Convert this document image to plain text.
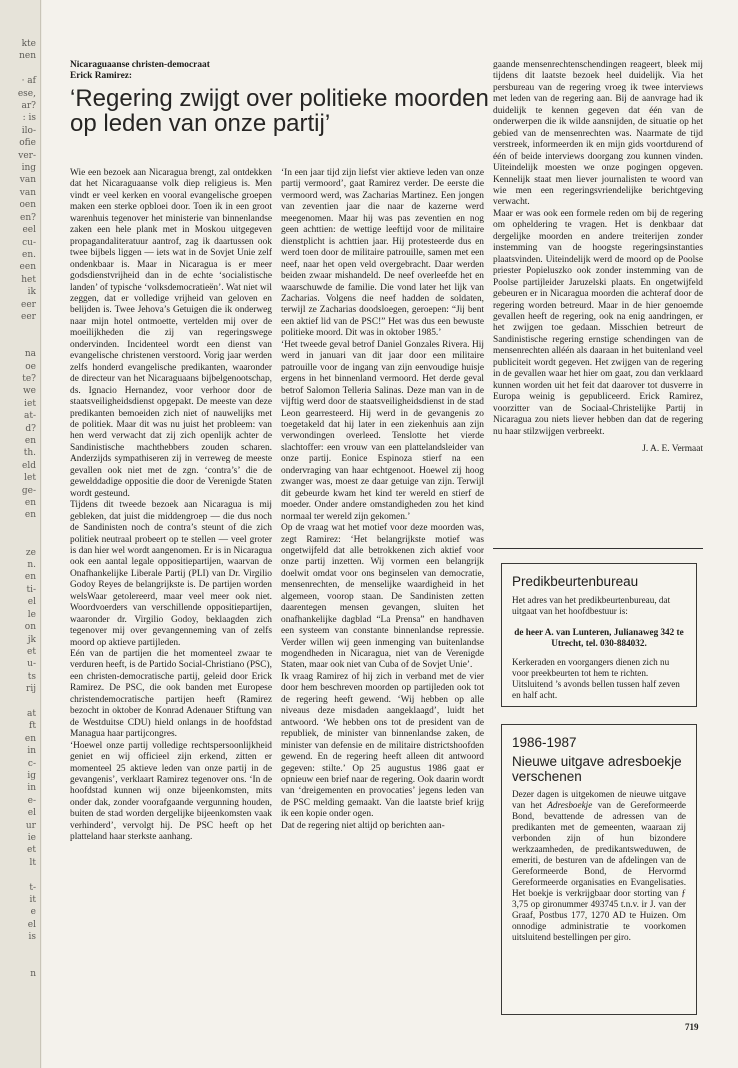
kte
nen

· af
ese,
ar?
: is
ilo-
ofie
ver-
ing
van
van
oen
en?
eel
cu-
en.
een
het
ik
eer
eer

na
oe
te?
we
iet
at-
d?
en
th.
eld
let
ge-
en
en

ze
n.
en
ti-
el
le
on
jk
et
u-
ts
rij

at
ft
en
in
c-
ig
in
e-
el
ur
ie
et
lt

t-
it
e
el
is

n
Nicaraguaanse christen-democraat
Erick Ramirez:
‘Regering zwijgt over politieke moorden op leden van onze partij’

Wie een bezoek aan Nicaragua brengt, zal ontdekken dat het Nicaraguaanse volk diep religieus is. Men vindt er veel kerken en vooral evangelische groepen maken een sterke opbloei door. Toen ik in een groot warenhuis tegenover het ministerie van binnenlandse zaken een hele plank met in Moskou uitgegeven propagandaliteratuur aantrof, zag ik daartussen ook twee bijbels liggen — iets wat in de Sovjet Unie zelf ondenkbaar is. Maar in Nicaragua is er meer godsdienstvrijheid dan in de echte ‘socialistische landen’ of typische ‘volksdemocratieën’. Wat niet wil zeggen, dat er volledige vrijheid van geloven en belijden is. Twee Jehova’s Getuigen die ik onderweg naar mijn hotel ontmoette, vertelden mij over de moeilijkheden die zij van regeringswege ondervinden. Incidenteel wordt een dienst van evangelische christenen verstoord. Vorig jaar werden zelfs honderd evangelische predikanten, waaronder de directeur van het Nicaraguaans bijbelgenootschap, ds. Ignacio Hernandez, voor verhoor door de staatsveiligheidsdienst opgepakt. De meeste van deze predikanten bemoeiden zich niet of nauwelijks met de politiek. Maar dit was nu juist het probleem: van hen werd verwacht dat zij zich openlijk achter de Sandinistische machthebbers zouden scharen. Anderzijds sympathiseren zij in verreweg de meeste gevallen ook niet met de zgn. ‘contra’s’ die de gewelddadige oppositie die door de Verenigde Staten wordt gesteund.

Tijdens dit tweede bezoek aan Nicaragua is mij gebleken, dat juist die middengroep — die dus noch de Sandinisten noch de contra’s steunt of die zich politiek neutraal probeert op te stellen — veel groter is dan hier wel wordt aangenomen. Er is in Nicaragua ook een aantal legale oppositiepartijen, waarvan de Onafhankelijke Liberale Partij (PLI) van Dr. Virgilio Godoy Reyes de belangrijkste is. De partijen worden welsWaar getolereerd, maar veel meer ook niet. Woordvoerders van verschillende oppositiepartijen, waaronder dr. Virgilio Godoy, beklaagden zich tegenover mij over gevangenneming van of zelfs moord op aktieve partijleden.

Eén van de partijen die het momenteel zwaar te verduren heeft, is de Partido Social-Christiano (PSC), een christen-democratische partij, geleid door Erick Ramirez. De PSC, die ook banden met Europese christendemocratische partijen heeft (Ramirez bezocht in oktober de Konrad Adenauer Stiftung van de Westduitse CDU) hield onlangs in de hoofdstad Managua haar partijcongres.

‘Hoewel onze partij volledige rechtspersoonlijkheid geniet en wij officieel zijn erkend, zitten er momenteel 25 aktieve leden van onze partij in de gevangenis’, verklaart Ramirez tegenover ons. ‘In de hoofdstad kunnen wij onze bijeenkomsten, mits onder dak, zonder voorafgaande vergunning houden, buiten de stad worden dergelijke bijeenkomsten vaak verhinderd’, vervolgt hij. De PSC heeft op het platteland haar sterkste aanhang.

‘In een jaar tijd zijn liefst vier aktieve leden van onze partij vermoord’, gaat Ramirez verder. De eerste die vermoord werd, was Zacharias Martinez. Een jongen van zeventien jaar die naar de kazerne werd meegenomen. Maar hij was pas zeventien en nog geen achttien: de wettige leeftijd voor de militaire dienstplicht is achttien jaar. Hij protesteerde dus en werd toen door de militaire patrouille, samen met een neef, naar het open veld overgebracht. Daar werden beiden zwaar mishandeld. De neef overleefde het en waarschuwde de familie. Die vond later het lijk van Zacharias. Volgens die neef hadden de soldaten, terwijl ze Zacharias doodsloegen, geroepen: “Jij bent een aktief lid van de PSC!” Het was dus een bewuste politieke moord. Dit was in oktober 1985.’

‘Het tweede geval betrof Daniel Gonzales Rivera. Hij werd in januari van dit jaar door een militaire patrouille voor de ingang van zijn eenvoudige huisje ergens in het binnenland vermoord. Het derde geval betrof Salomon Telleria Salinas. Deze man van in de vijftig werd door de staatsveiligheidsdienst in de stad Leon gearresteerd. Hij werd in de gevangenis zo toegetakeld dat hij later in een ziekenhuis aan zijn verwondingen overleed. Tenslotte het vierde slachtoffer: een vrouw van een plattelandsleider van onze partij. Eonice Espinoza stierf na een ondervraging van haar echtgenoot. Hoewel zij hoog zwanger was, moest ze daar getuige van zijn. Terwijl dit gebeurde kwam het kind ter wereld en stierf de moeder. Onder andere omstandigheden zou het kind normaal ter wereld zijn gekomen.’

Op de vraag wat het motief voor deze moorden was, zegt Ramirez: ‘Het belangrijkste motief was ongetwijfeld dat alle betrokkenen zich aktief voor onze partij inzetten. Wij vormen een belangrijk doelwit omdat voor ons beginselen van democratie, mensenrechten, de menselijke waardigheid in het algemeen, voorop staan. De Sandinisten zetten daarentegen mensen gevangen, sluiten het onafhankelijke dagblad “La Prensa” en handhaven een systeem van constante binnenlandse repressie. Verder willen wij geen inmenging van buitenlandse mogendheden in Nicaragua, niet van de Verenigde Staten, maar ook niet van Cuba of de Sovjet Unie’.

Ik vraag Ramirez of hij zich in verband met de vier door hem beschreven moorden op partijleden ook tot de regering heeft gewend. ‘Wij hebben op alle niveaus deze misdaden aangeklaagd’, luidt het antwoord. ‘We hebben ons tot de president van de republiek, de minister van binnenlandse zaken, de minister van defensie en de militaire districtshoofden gewend. En de regering heeft alleen dit antwoord gegeven: stilte.’ Op 25 augustus 1986 gaat er opnieuw een brief naar de regering. Ook daarin wordt van ‘dreigementen en provocaties’ jegens leden van de PSC melding gemaakt. Van die laatste brief krijg ik een kopie onder ogen.

Dat de regering niet altijd op berichten aan-

gaande mensenrechtenschendingen reageert, bleek mij tijdens dit laatste bezoek heel duidelijk. Via het persbureau van de regering vroeg ik twee interviews met leden van de regering aan. Bij de aanvrage had ik duidelijk te kennen gegeven dat één van de onderwerpen die ik wilde aansnijden, de situatie op het gebied van de mensenrechten was. Naarmate de tijd verstreek, informeerden ik en mijn gids voortdurend of één of beide interviews doorgang zou kunnen vinden. Uiteindelijk moesten we onze pogingen opgeven. Kennelijk staat men liever journalisten te woord van wie men een regeringsvriendelijke berichtgeving verwacht.

Maar er was ook een formele reden om bij de regering om opheldering te vragen. Het is denkbaar dat dergelijke moorden en andere treiterijen zonder instemming van de hoogste regeringsinstanties plaatsvinden. Uiteindelijk werd de moord op de Poolse priester Popieluszko ook zonder instemming van de Poolse partijleider Jaruzelski plaats. En ongetwijfeld gebeuren er in Nicaragua moorden die achteraf door de regering worden betreurd. Maar in de hier genoemde gevallen heeft de regering, ook na enig aandringen, er het zwijgen toe gedaan. Misschien betreurt de Sandinistische regering ernstige schendingen van de mensenrechten alléén als daaraan in het buitenland veel publiciteit wordt gegeven. Het zwijgen van de regering in de gevallen waar het hier om gaat, zou dan verklaard kunnen worden uit het feit dat daarover tot dusverre in Europa weinig is gepubliceerd. Erick Ramirez, voorzitter van de Sociaal-Christelijke Partij in Nicaragua zou niets liever hebben dan dat de regering nu haar stilzwijgen verbreekt.

J. A. E. Vermaat
Predikbeurtenbureau

Het adres van het predikbeurtenbureau, dat uitgaat van het hoofdbestuur is:

de heer A. van Lunteren, Julianaweg 342 te Utrecht, tel. 030-884032.

Kerkeraden en voorgangers dienen zich nu voor preekbeurten tot hem te richten. Uitsluitend ’s avonds bellen tussen half zeven en half acht.

1986-1987
Nieuwe uitgave adresboekje verschenen

Dezer dagen is uitgekomen de nieuwe uitgave van het Adresboekje van de Gereformeerde Bond, bevattende de adressen van de predikanten met de gemeenten, waaraan zij verbonden zijn of hun bizondere werkzaamheden, de predikantsweduwen, de emeriti, de besturen van de afdelingen van de Gereformeerde Bond, de Hervormd Gereformeerde organisaties en Evangelisaties. Het boekje is verkrijgbaar door storting van ƒ 3,75 op gironummer 493745 t.n.v. ir J. van der Graaf, Postbus 177, 1270 AD te Huizen. Om onnodige administratie te voorkomen uitsluitend bestellingen per giro.

719
